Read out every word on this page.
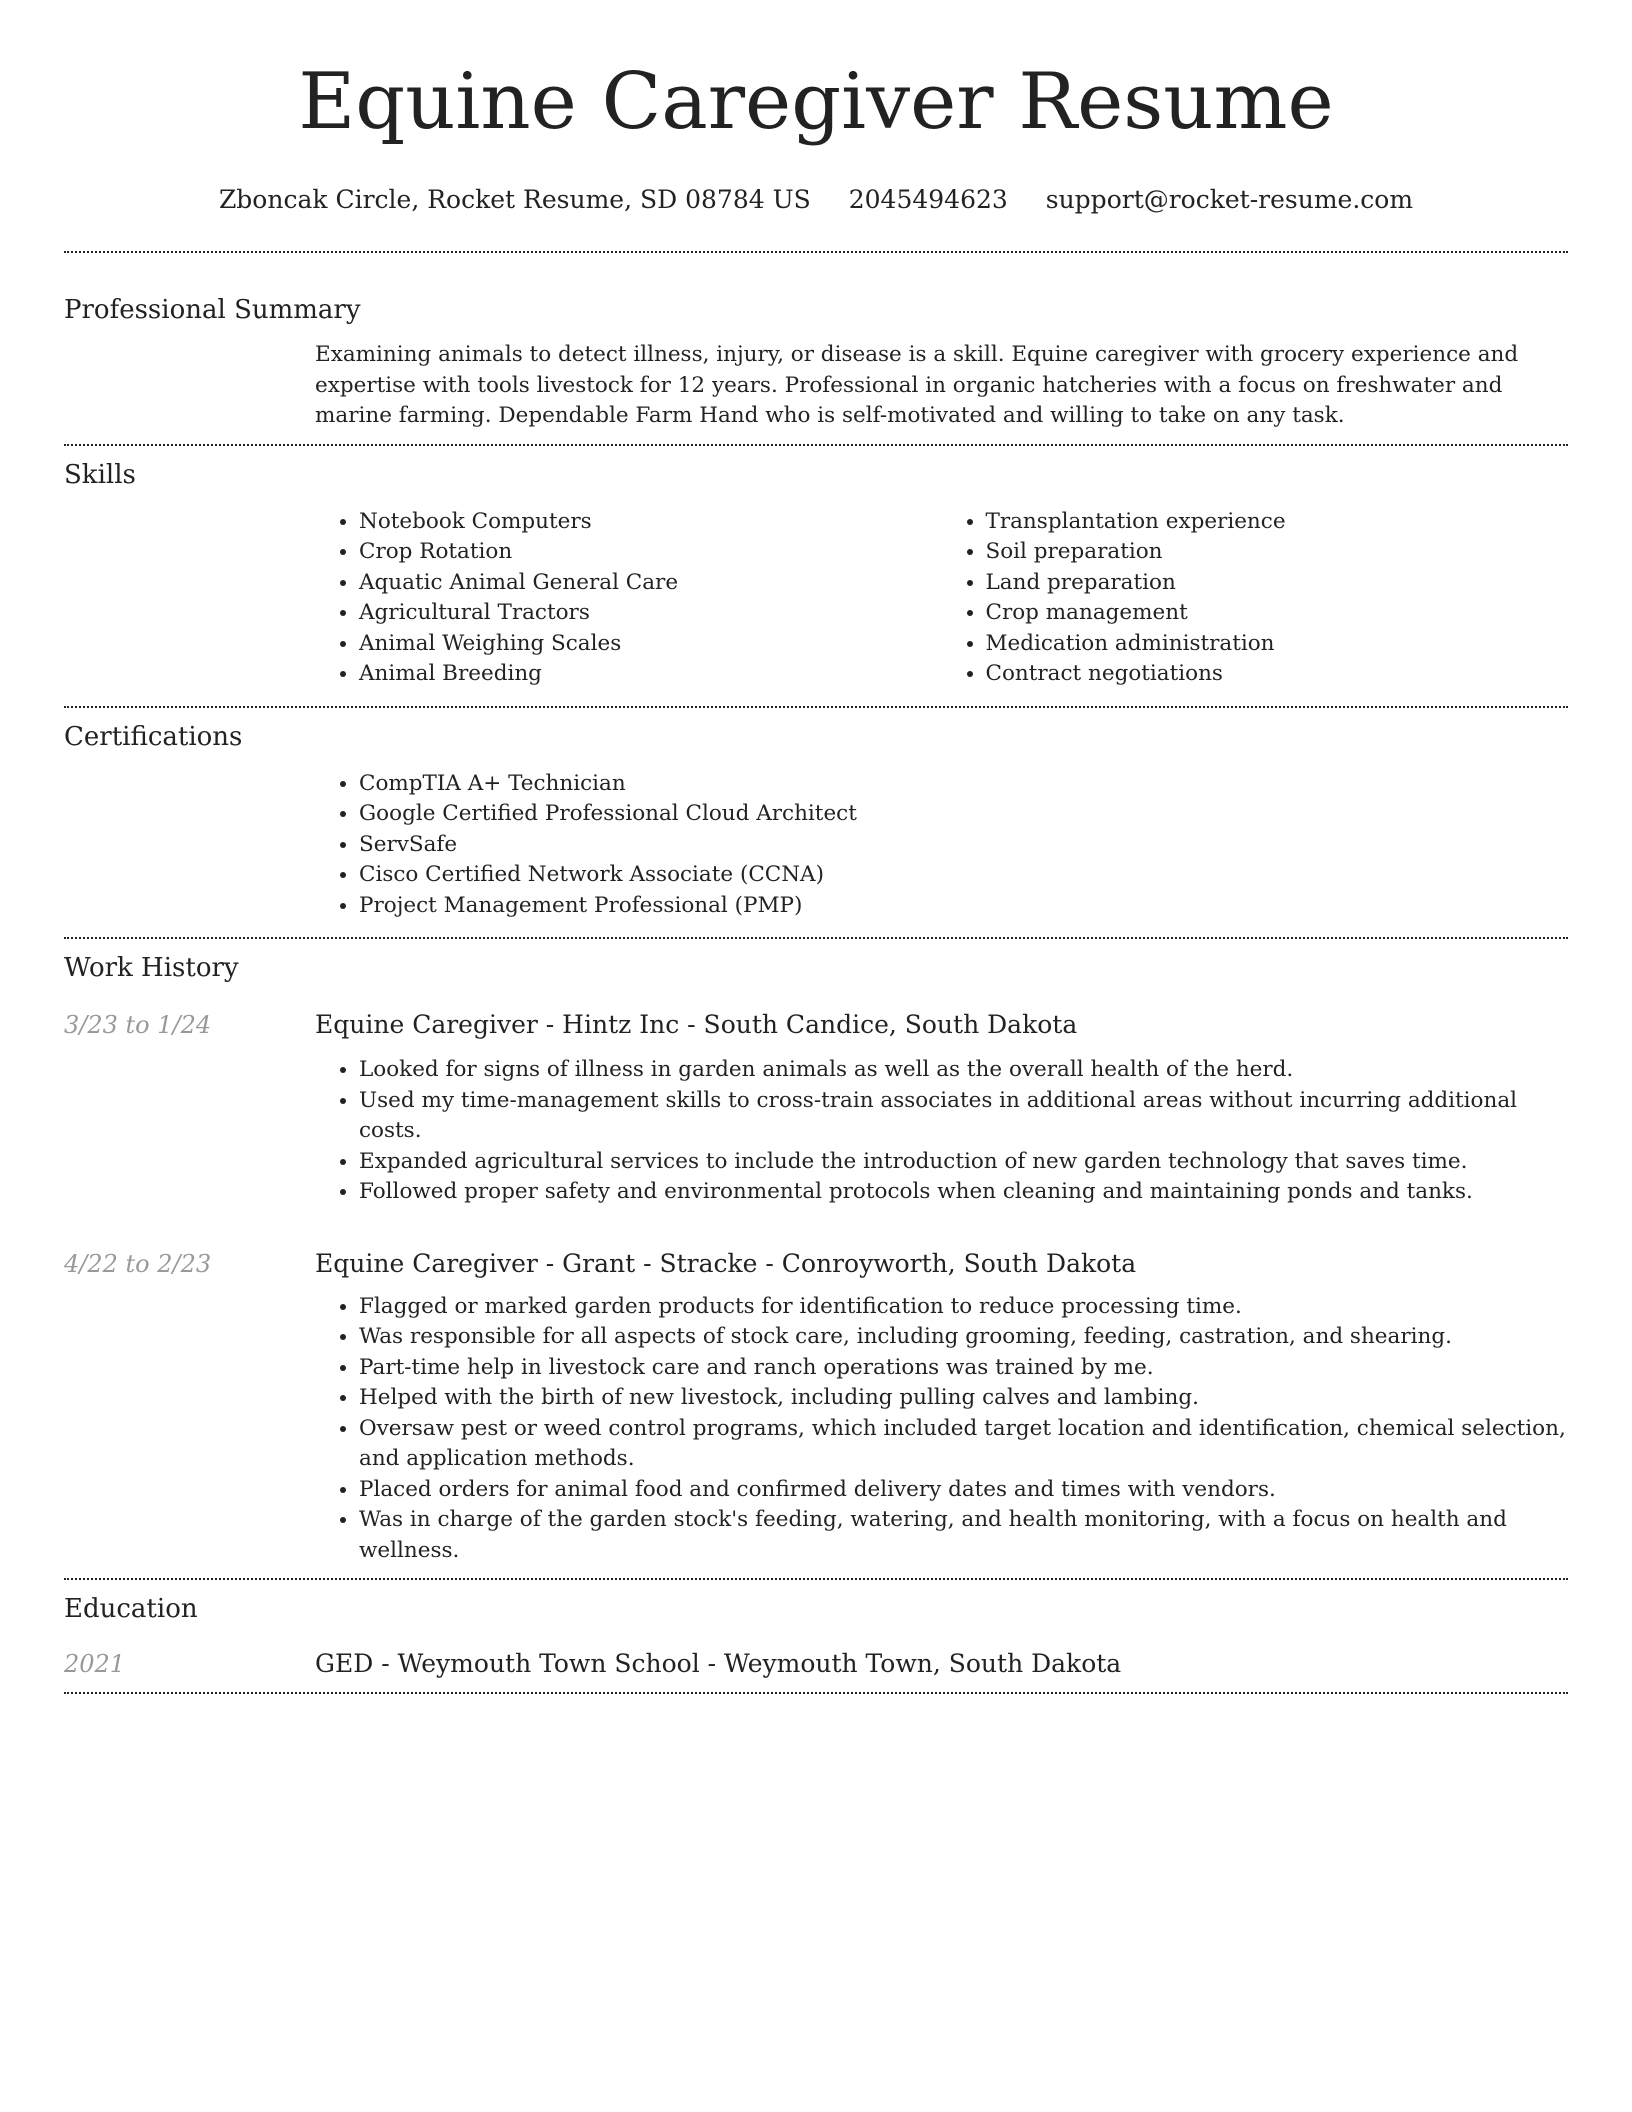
Equine Caregiver Resume
Zboncak Circle, Rocket Resume, SD 08784 US 2045494623 support@rocket-resume.com
Professional Summary
Examining animals to detect illness, injury, or disease is a skill. Equine caregiver with grocery experience and expertise with tools livestock for 12 years. Professional in organic hatcheries with a focus on freshwater and marine farming. Dependable Farm Hand who is self-motivated and willing to take on any task.
Skills
• Notebook Computers
• Crop Rotation
• Aquatic Animal General Care
• Agricultural Tractors
• Animal Weighing Scales
• Animal Breeding
• Transplantation experience
• Soil preparation
• Land preparation
• Crop management
• Medication administration
• Contract negotiations
Certifications
• CompTIA A+ Technician
• Google Certified Professional Cloud Architect
• ServSafe
• Cisco Certified Network Associate (CCNA)
• Project Management Professional (PMP)
Work History
3/23 to 1/24	Equine Caregiver - Hintz Inc - South Candice, South Dakota
• Looked for signs of illness in garden animals as well as the overall health of the herd.
• Used my time-management skills to cross-train associates in additional areas without incurring additional costs.
• Expanded agricultural services to include the introduction of new garden technology that saves time.
• Followed proper safety and environmental protocols when cleaning and maintaining ponds and tanks.
4/22 to 2/23	Equine Caregiver - Grant - Stracke - Conroyworth, South Dakota
• Flagged or marked garden products for identification to reduce processing time.
• Was responsible for all aspects of stock care, including grooming, feeding, castration, and shearing.
• Part-time help in livestock care and ranch operations was trained by me.
• Helped with the birth of new livestock, including pulling calves and lambing.
• Oversaw pest or weed control programs, which included target location and identification, chemical selection, and application methods.
• Placed orders for animal food and confirmed delivery dates and times with vendors.
• Was in charge of the garden stock's feeding, watering, and health monitoring, with a focus on health and wellness.
Education
2021	GED - Weymouth Town School - Weymouth Town, South Dakota
